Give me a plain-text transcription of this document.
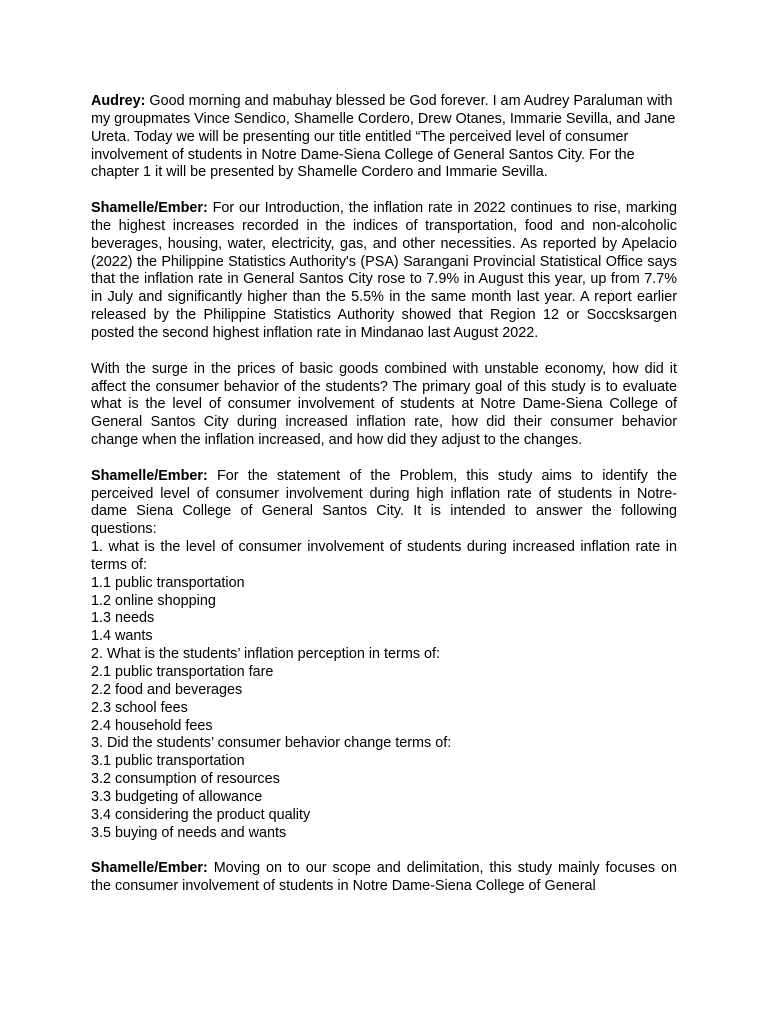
Audrey: Good morning and mabuhay blessed be God forever. I am Audrey Paraluman with my groupmates Vince Sendico, Shamelle Cordero, Drew Otanes, Immarie Sevilla, and Jane Ureta. Today we will be presenting our title entitled “The perceived level of consumer involvement of students in Notre Dame-Siena College of General Santos City. For the chapter 1 it will be presented by Shamelle Cordero and Immarie Sevilla.

Shamelle/Ember: For our Introduction, the inflation rate in 2022 continues to rise, marking the highest increases recorded in the indices of transportation, food and non-alcoholic beverages, housing, water, electricity, gas, and other necessities. As reported by Apelacio (2022) the Philippine Statistics Authority's (PSA) Sarangani Provincial Statistical Office says that the inflation rate in General Santos City rose to 7.9% in August this year, up from 7.7% in July and significantly higher than the 5.5% in the same month last year. A report earlier released by the Philippine Statistics Authority showed that Region 12 or Soccsksargen posted the second highest inflation rate in Mindanao last August 2022.

With the surge in the prices of basic goods combined with unstable economy, how did it affect the consumer behavior of the students? The primary goal of this study is to evaluate what is the level of consumer involvement of students at Notre Dame-Siena College of General Santos City during increased inflation rate, how did their consumer behavior change when the inflation increased, and how did they adjust to the changes.

Shamelle/Ember: For the statement of the Problem, this study aims to identify the perceived level of consumer involvement during high inflation rate of students in Notre-dame Siena College of General Santos City. It is intended to answer the following questions:
1. what is the level of consumer involvement of students during increased inflation rate in terms of:
1.1 public transportation
1.2 online shopping
1.3 needs
1.4 wants
2. What is the students’ inflation perception in terms of:
2.1 public transportation fare
2.2 food and beverages
2.3 school fees
2.4 household fees
3. Did the students’ consumer behavior change terms of:
3.1 public transportation
3.2 consumption of resources
3.3 budgeting of allowance
3.4 considering the product quality
3.5 buying of needs and wants

Shamelle/Ember: Moving on to our scope and delimitation, this study mainly focuses on the consumer involvement of students in Notre Dame-Siena College of General
